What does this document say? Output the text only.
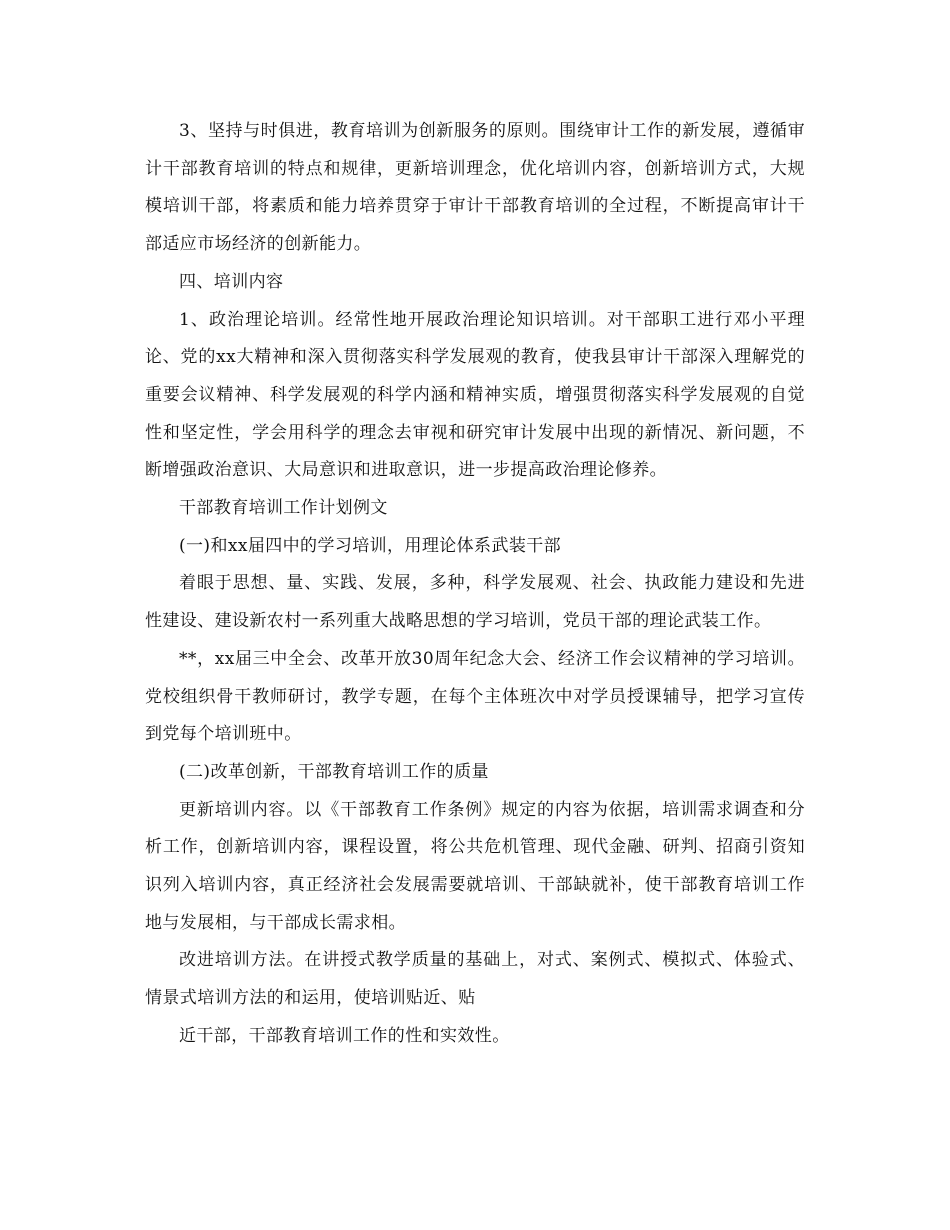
3、坚持与时俱进，教育培训为创新服务的原则。围绕审计工作的新发展，遵循审计干部教育培训的特点和规律，更新培训理念，优化培训内容，创新培训方式，大规模培训干部，将素质和能力培养贯穿于审计干部教育培训的全过程，不断提高审计干部适应市场经济的创新能力。

四、培训内容

1、政治理论培训。经常性地开展政治理论知识培训。对干部职工进行邓小平理论、党的xx大精神和深入贯彻落实科学发展观的教育，使我县审计干部深入理解党的重要会议精神、科学发展观的科学内涵和精神实质，增强贯彻落实科学发展观的自觉性和坚定性，学会用科学的理念去审视和研究审计发展中出现的新情况、新问题，不断增强政治意识、大局意识和进取意识，进一步提高政治理论修养。

干部教育培训工作计划例文

(一)和xx届四中的学习培训，用理论体系武装干部

着眼于思想、量、实践、发展，多种，科学发展观、社会、执政能力建设和先进性建设、建设新农村一系列重大战略思想的学习培训，党员干部的理论武装工作。

**，xx届三中全会、改革开放30周年纪念大会、经济工作会议精神的学习培训。党校组织骨干教师研讨，教学专题，在每个主体班次中对学员授课辅导，把学习宣传到党每个培训班中。

(二)改革创新，干部教育培训工作的质量

更新培训内容。以《干部教育工作条例》规定的内容为依据，培训需求调查和分析工作，创新培训内容，课程设置，将公共危机管理、现代金融、研判、招商引资知识列入培训内容，真正经济社会发展需要就培训、干部缺就补，使干部教育培训工作地与发展相，与干部成长需求相。

改进培训方法。在讲授式教学质量的基础上，对式、案例式、模拟式、体验式、情景式培训方法的和运用，使培训贴近、贴

近干部，干部教育培训工作的性和实效性。
